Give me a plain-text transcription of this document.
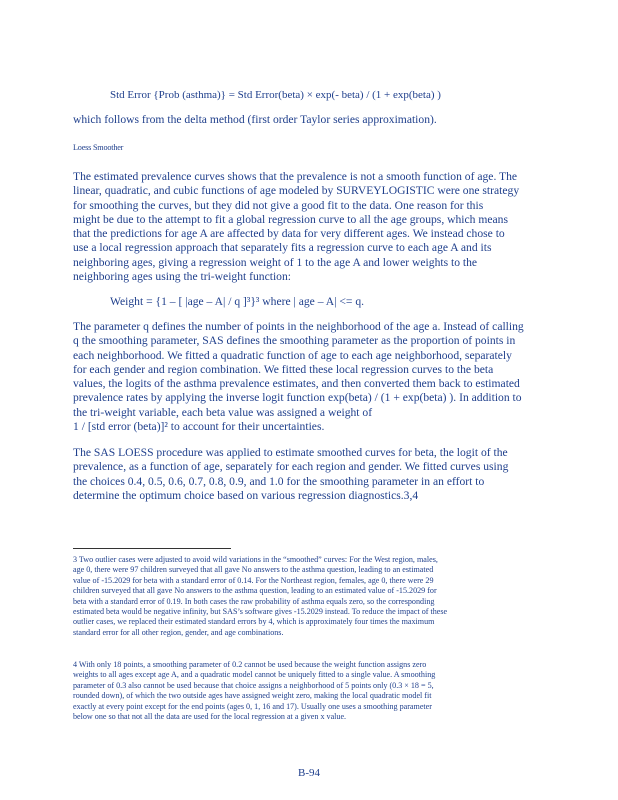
Std Error {Prob (asthma)} = Std Error(beta) × exp(- beta) / (1 + exp(beta) )
which follows from the delta method (first order Taylor series approximation).
Loess Smoother
The estimated prevalence curves shows that the prevalence is not a smooth function of age. The
linear, quadratic, and cubic functions of age modeled by SURVEYLOGISTIC were one strategy
for smoothing the curves, but they did not give a good fit to the data. One reason for this
might be due to the attempt to fit a global regression curve to all the age groups, which means
that the predictions for age A are affected by data for very different ages. We instead chose to
use a local regression approach that separately fits a regression curve to each age A and its
neighboring ages, giving a regression weight of 1 to the age A and lower weights to the
neighboring ages using the tri-weight function:
Weight = {1 – [ |age – A| / q ]³}³ where | age – A| <= q.
The parameter q defines the number of points in the neighborhood of the age a. Instead of calling
q the smoothing parameter, SAS defines the smoothing parameter as the proportion of points in
each neighborhood. We fitted a quadratic function of age to each age neighborhood, separately
for each gender and region combination. We fitted these local regression curves to the beta
values, the logits of the asthma prevalence estimates, and then converted them back to estimated
prevalence rates by applying the inverse logit function exp(beta) / (1 + exp(beta) ). In addition to
the tri-weight variable, each beta value was assigned a weight of
1 / [std error (beta)]² to account for their uncertainties.
The SAS LOESS procedure was applied to estimate smoothed curves for beta, the logit of the
prevalence, as a function of age, separately for each region and gender. We fitted curves using
the choices 0.4, 0.5, 0.6, 0.7, 0.8, 0.9, and 1.0 for the smoothing parameter in an effort to
determine the optimum choice based on various regression diagnostics.3,4
3 Two outlier cases were adjusted to avoid wild variations in the “smoothed” curves: For the West region, males,
age 0, there were 97 children surveyed that all gave No answers to the asthma question, leading to an estimated
value of -15.2029 for beta with a standard error of 0.14. For the Northeast region, females, age 0, there were 29
children surveyed that all gave No answers to the asthma question, leading to an estimated value of -15.2029 for
beta with a standard error of 0.19. In both cases the raw probability of asthma equals zero, so the corresponding
estimated beta would be negative infinity, but SAS’s software gives -15.2029 instead. To reduce the impact of these
outlier cases, we replaced their estimated standard errors by 4, which is approximately four times the maximum
standard error for all other region, gender, and age combinations.
4 With only 18 points, a smoothing parameter of 0.2 cannot be used because the weight function assigns zero
weights to all ages except age A, and a quadratic model cannot be uniquely fitted to a single value. A smoothing
parameter of 0.3 also cannot be used because that choice assigns a neighborhood of 5 points only (0.3 × 18 = 5,
rounded down), of which the two outside ages have assigned weight zero, making the local quadratic model fit
exactly at every point except for the end points (ages 0, 1, 16 and 17). Usually one uses a smoothing parameter
below one so that not all the data are used for the local regression at a given x value.
B-94
